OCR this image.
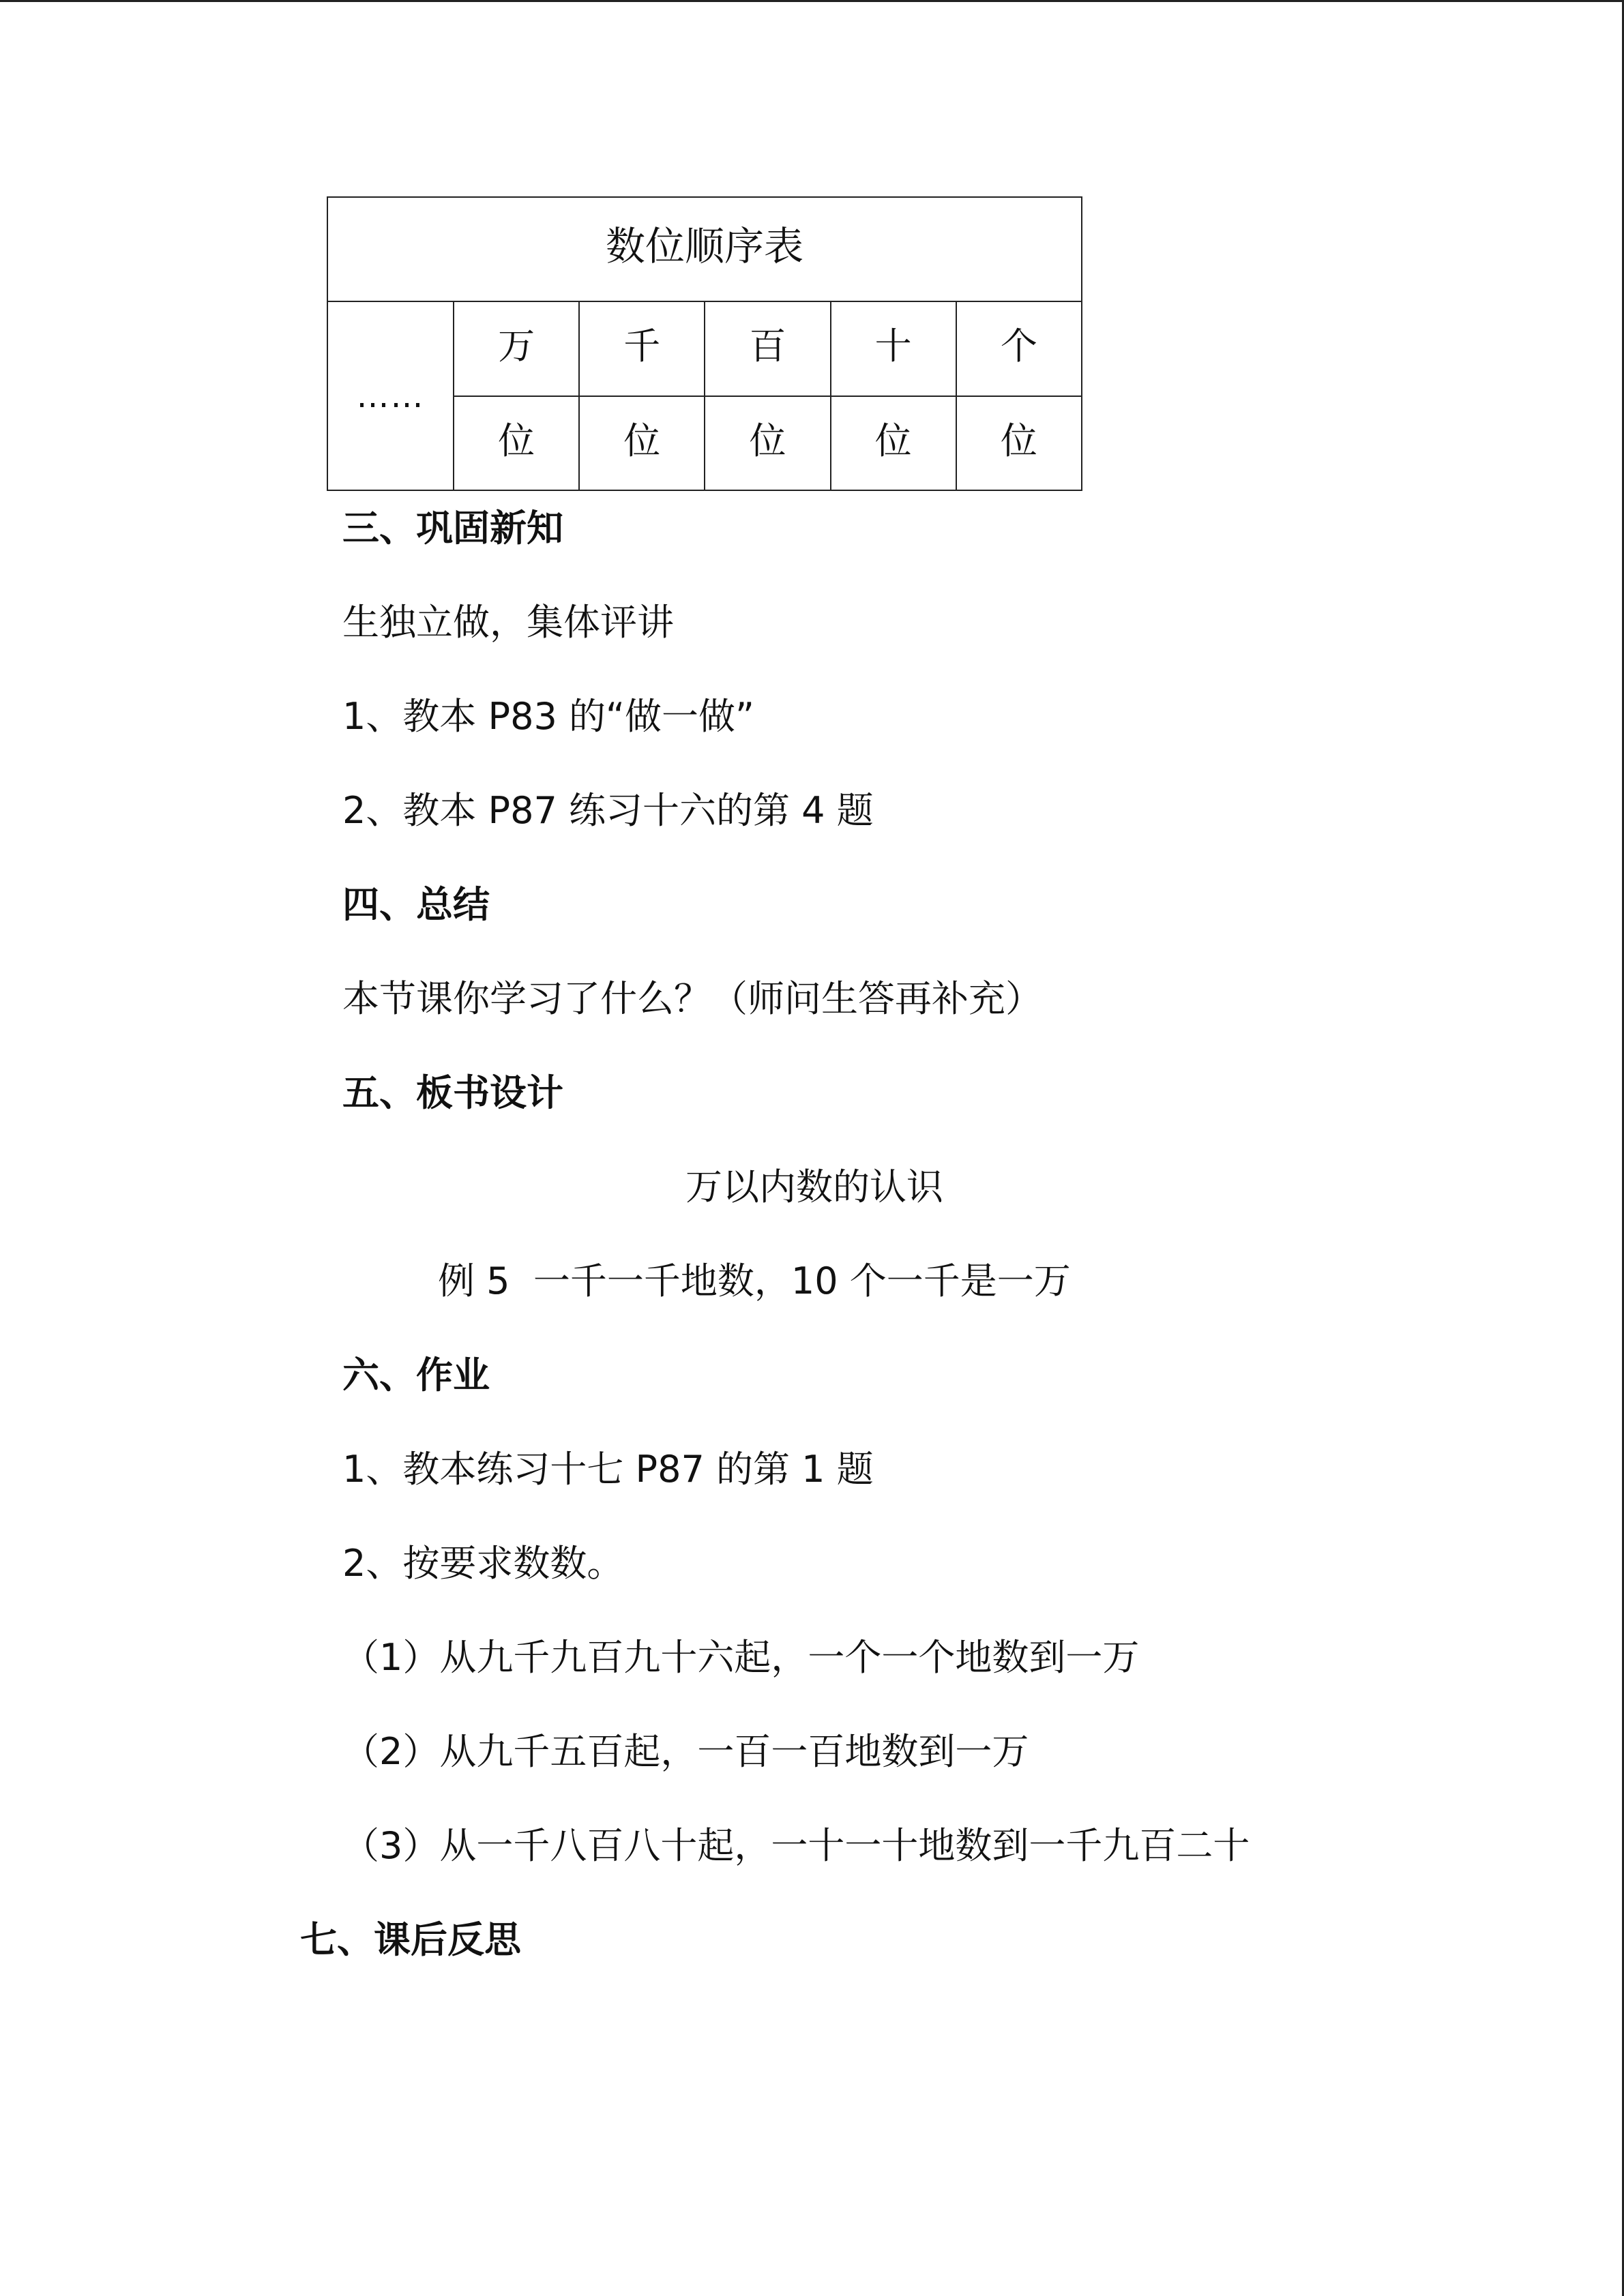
数位顺序表					
……	万	千	百	十	个
	位	位	位	位	位
三、巩固新知
生独立做，集体评讲
1、教本 P83 的“做一做”
2、教本 P87 练习十六的第 4 题
四、总结
本节课你学习了什么？（师问生答再补充）
五、板书设计
万以内数的认识
例 5  一千一千地数，10 个一千是一万
六、作业
1、教本练习十七 P87 的第 1 题
2、按要求数数。
（1）从九千九百九十六起，一个一个地数到一万
（2）从九千五百起，一百一百地数到一万
（3）从一千八百八十起，一十一十地数到一千九百二十
七、课后反思
